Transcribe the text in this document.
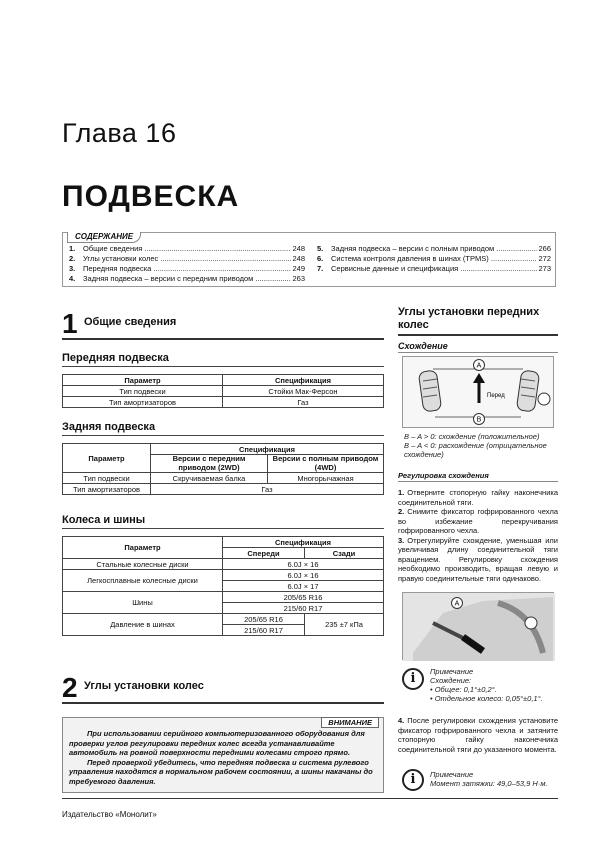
Глава 16
ПОДВЕСКА
СОДЕРЖАНИЕ
1.	Общие сведения .....	248
2.	Углы установки колес .....	248
3.	Передняя подвеска .....	249
4.	Задняя подвеска – версии с передним приводом .....	263
5.	Задняя подвеска – версии с полным приводом .....	266
6.	Система контроля давления в шинах (TPMS) .....	272
7.	Сервисные данные и спецификация .....	273
1 Общие сведения
Передняя подвеска
Параметр	Спецификация
Тип подвески	Стойки Мак-Ферсон
Тип амортизаторов	Газ
Задняя подвеска
Параметр	Спецификация	
	Версии с передним приводом (2WD)	Версии с полным приводом (4WD)
Тип подвески	Скручиваемая балка	Многорычажная
Тип амортизаторов	Газ	
Колеса и шины
Параметр	Спецификация	
	Спереди	Сзади
Стальные колесные диски	6.0J × 16	
Легкосплавные колесные диски	6.0J × 16	
	6.0J × 17	
Шины	205/65 R16	
	215/60 R17	
Давление в шинах	205/65 R16	235 ±7 кПа
	215/60 R17	
2 Углы установки колес
ВНИМАНИЕ

При использовании серийного компьютеризованного оборудования для проверки углов регулировки передних колес всегда устанавливайте автомобиль на ровной поверхности передними колесами строго прямо.

Перед проверкой убедитесь, что передняя подвеска и система рулевого управления находятся в нормальном рабочем состоянии, а шины накачаны до требуемого давления.

Углы установки передних колес
Схождение
A
B
Перед
B – A > 0: схождение (положительное)
B – A < 0: расхождение (отрицательное схождение)
Регулировка схождения
1. Отверните стопорную гайку наконечника соединительной тяги.
2. Снимите фиксатор гофрированного чехла во избежание перекручивания гофрированного чехла.
3. Отрегулируйте схождение, уменьшая или увеличивая длину соединительной тяги вращением. Регулировку схождения необходимо производить, вращая левую и правую соединительные тяги одинаково.
A
i	Примечание
Схождение:
• Общее: 0,1°±0,2°.
• Отдельное колесо: 0,05°±0,1°.
4. После регулировки схождения установите фиксатор гофрированного чехла и затяните стопорную гайку наконечника соединительной тяги до указанного момента.
i	Примечание
Момент затяжки: 49,0–53,9 Н·м.
Издательство «Монолит»
